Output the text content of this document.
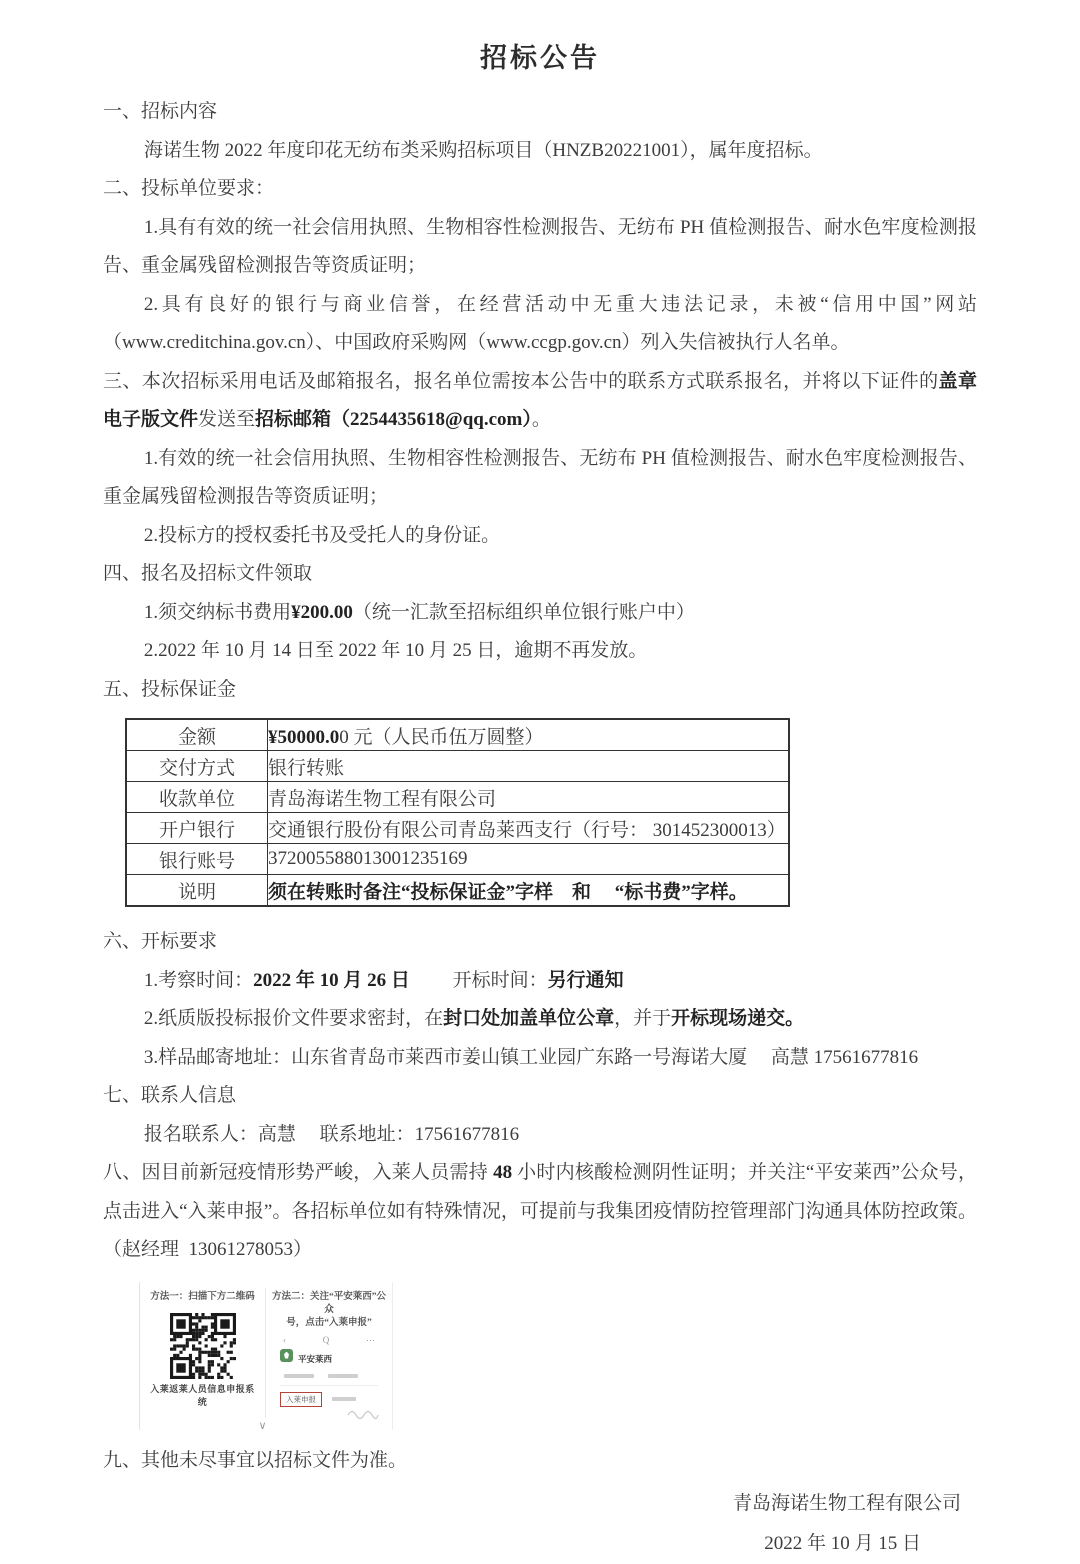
招标公告

一、招标内容

海诺生物 2022 年度印花无纺布类采购招标项目（HNZB20221001），属年度招标。

二、投标单位要求：

1.具有有效的统一社会信用执照、生物相容性检测报告、无纺布 PH 值检测报告、耐水色牢度检测报告、重金属残留检测报告等资质证明；

2.具有良好的银行与商业信誉，在经营活动中无重大违法记录，未被“信用中国”网站（www.creditchina.gov.cn）、中国政府采购网（www.ccgp.gov.cn）列入失信被执行人名单。

三、本次招标采用电话及邮箱报名，报名单位需按本公告中的联系方式联系报名，并将以下证件的盖章电子版文件发送至招标邮箱（2254435618@qq.com）。

1.有效的统一社会信用执照、生物相容性检测报告、无纺布 PH 值检测报告、耐水色牢度检测报告、重金属残留检测报告等资质证明；

2.投标方的授权委托书及受托人的身份证。

四、报名及招标文件领取

1.须交纳标书费用¥200.00（统一汇款至招标组织单位银行账户中）

2.2022 年 10 月 14 日至 2022 年 10 月 25 日，逾期不再发放。

五、投标保证金

金额	¥50000.00 元（人民币伍万圆整）
交付方式	银行转账
收款单位	青岛海诺生物工程有限公司
开户银行	交通银行股份有限公司青岛莱西支行（行号： 301452300013）
银行账号	372005588013001235169
说明	须在转账时备注“投标保证金”字样　和　 “标书费”字样。

六、开标要求

1.考察时间：2022 年 10 月 26 日　　 开标时间：另行通知

2.纸质版投标报价文件要求密封，在封口处加盖单位公章，并于开标现场递交。

3.样品邮寄地址：山东省青岛市莱西市姜山镇工业园广东路一号海诺大厦　 高慧 17561677816

七、联系人信息

报名联系人：高慧　 联系地址：17561677816

八、因目前新冠疫情形势严峻，入莱人员需持 48 小时内核酸检测阴性证明；并关注“平安莱西”公众号，点击进入“入莱申报”。各招标单位如有特殊情况，可提前与我集团疫情防控管理部门沟通具体防控政策。（赵经理  13061278053）

方法一：扫描下方二维码
入莱返莱人员信息申报系统
方法二：关注“平安莱西”公众
号，点击“入莱申报”
‹	Q	⋯
平安莱西
入莱申报
∨

九、其他未尽事宜以招标文件为准。

青岛海诺生物工程有限公司
2022 年 10 月 15 日
